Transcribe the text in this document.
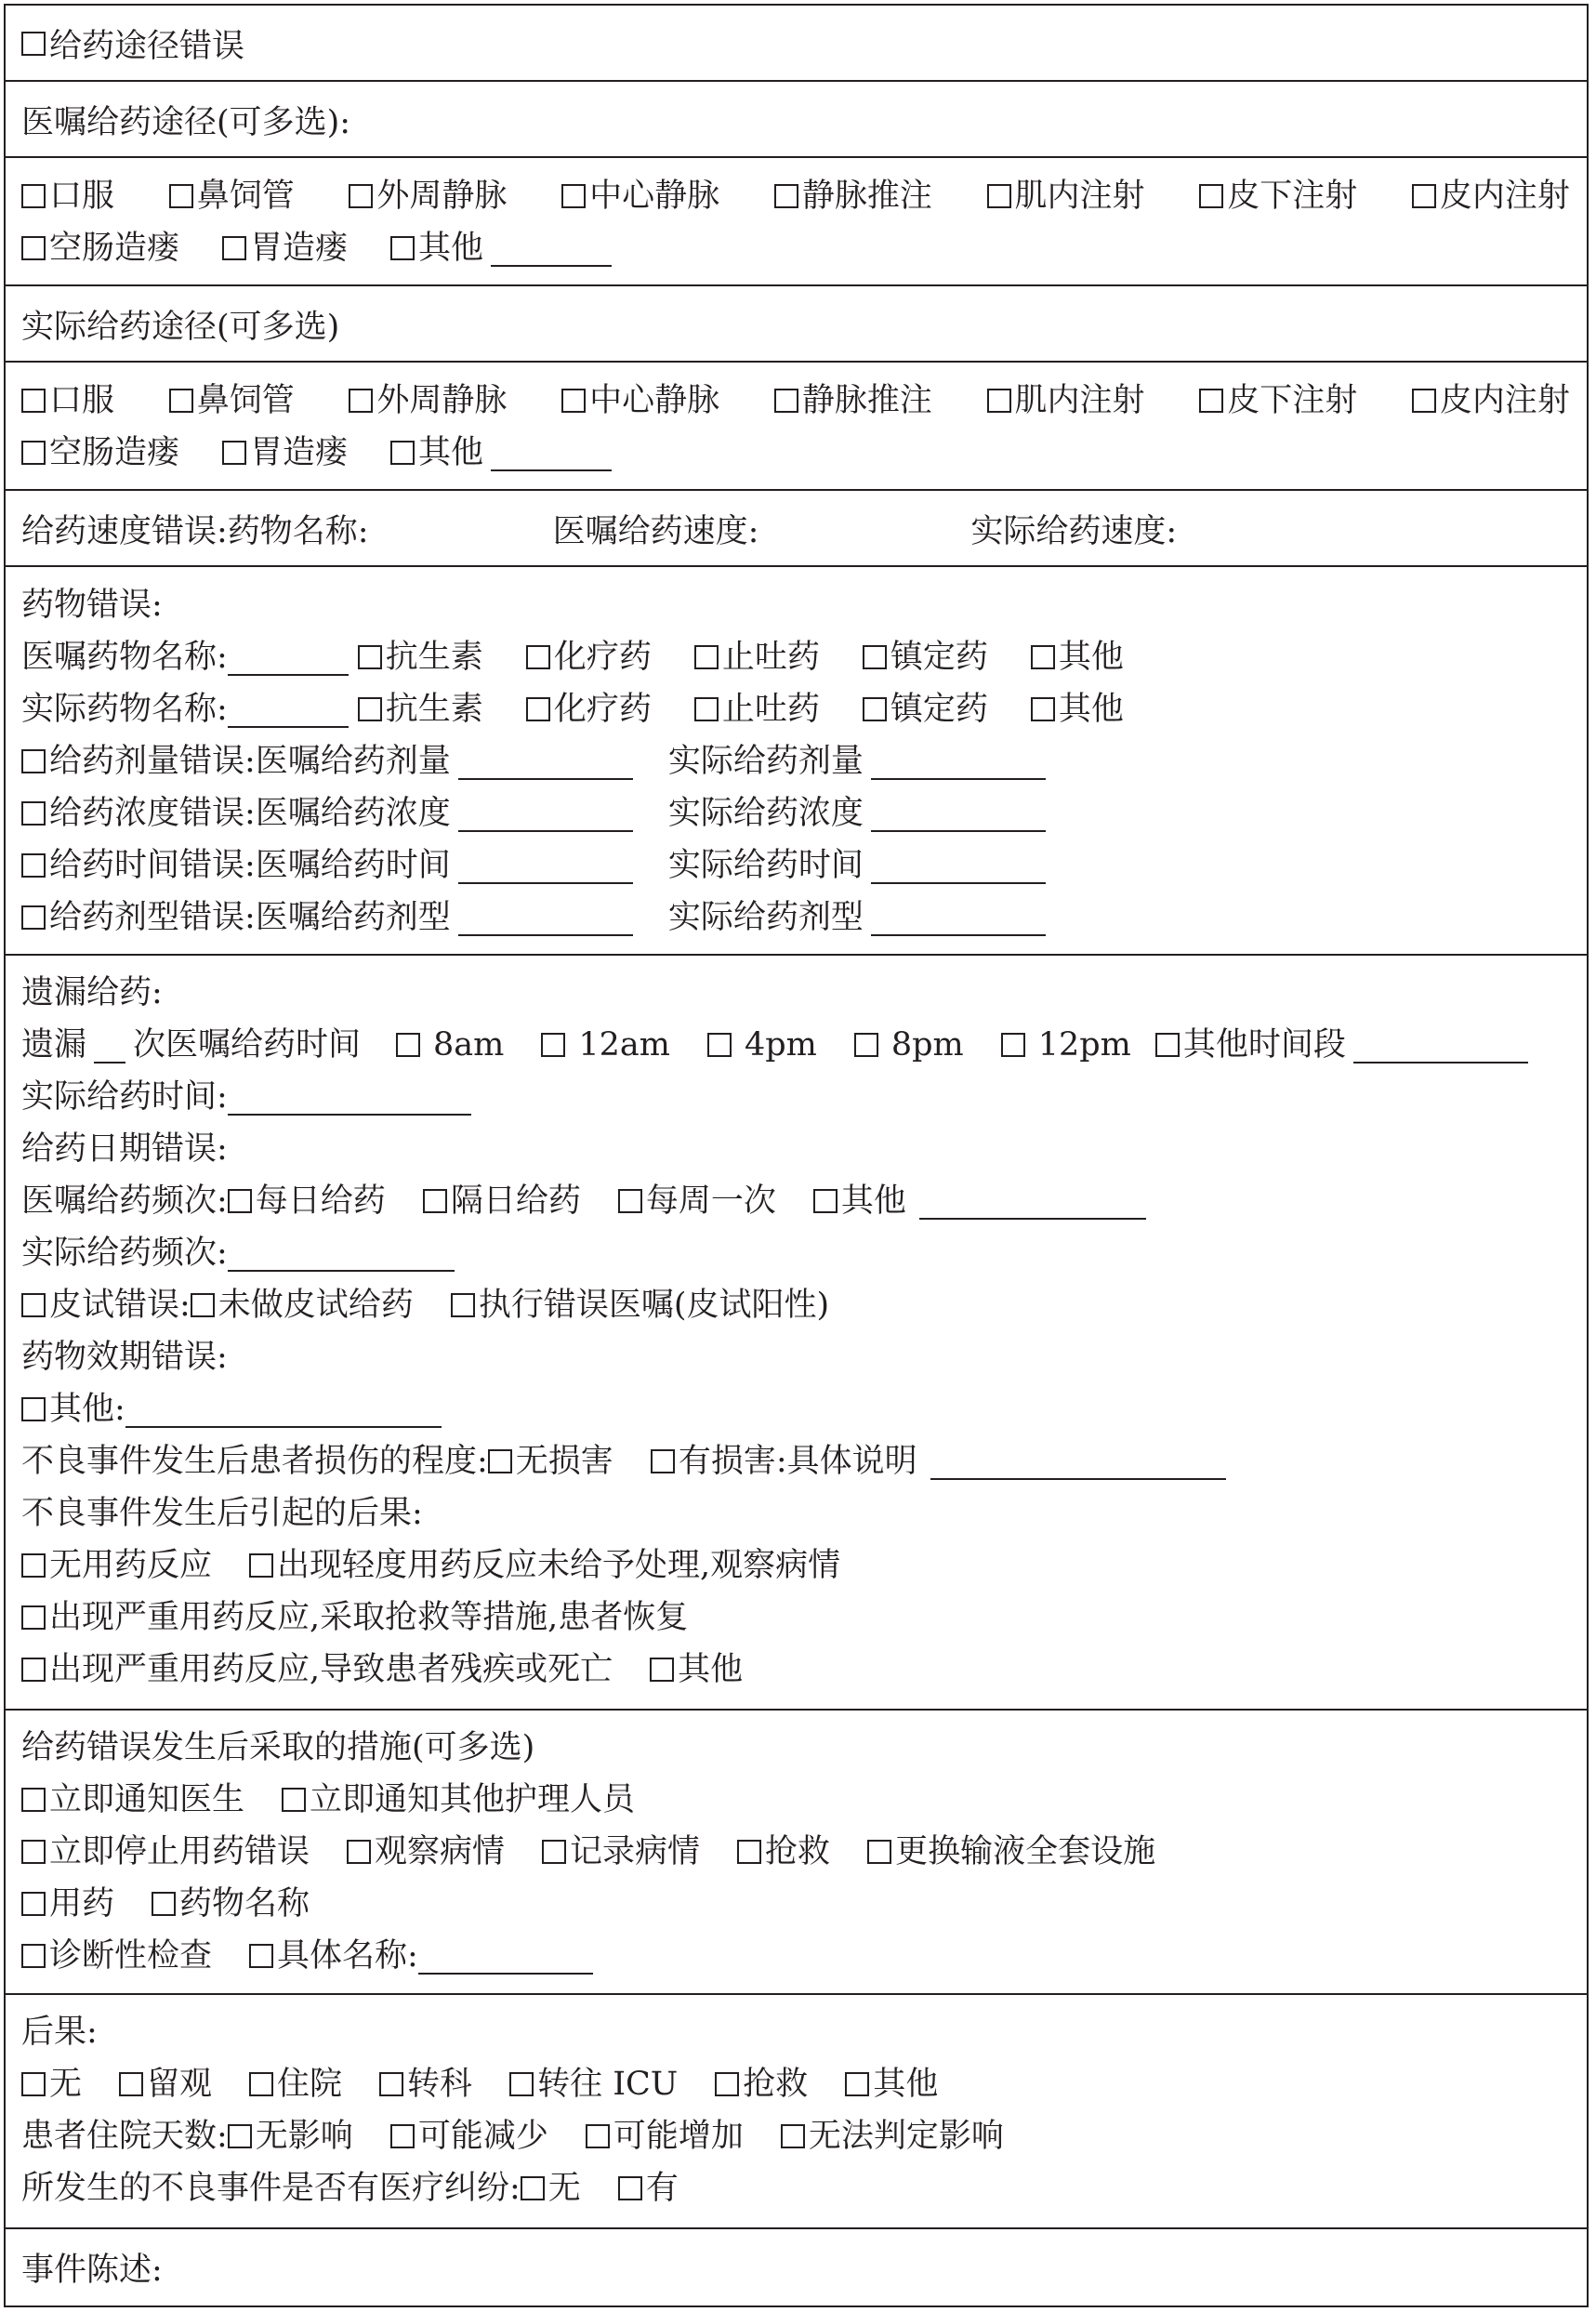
给药途径错误
医嘱给药途径(可多选):
口服	鼻饲管	外周静脉	中心静脉	静脉推注	肌内注射	皮下注射	皮内注射
空肠造瘘 胃造瘘 其他
实际给药途径(可多选)
口服	鼻饲管	外周静脉	中心静脉	静脉推注	肌内注射	皮下注射	皮内注射
空肠造瘘 胃造瘘 其他
给药速度错误:药物名称:	医嘱给药速度:	实际给药速度:
药物错误:
医嘱药物名称:	抗生素 化疗药 止吐药 镇定药 其他
实际药物名称:	抗生素 化疗药 止吐药 镇定药 其他
给药剂量错误: 医嘱给药剂量	实际给药剂量
给药浓度错误: 医嘱给药浓度	实际给药浓度
给药时间错误: 医嘱给药时间	实际给药时间
给药剂型错误: 医嘱给药剂型	实际给药剂型
遗漏给药:
遗漏 次医嘱给药时间 8am 12am 4pm 8pm 12pm 其他时间段
实际给药时间:
给药日期错误:
医嘱给药频次: 每日给药 隔日给药 每周一次 其他
实际给药频次:
皮试错误: 未做皮试给药 执行错误医嘱(皮试阳性)
药物效期错误:
其他:
不良事件发生后患者损伤的程度: 无损害 有损害:具体说明
不良事件发生后引起的后果:
无用药反应 出现轻度用药反应未给予处理,观察病情
出现严重用药反应,采取抢救等措施,患者恢复
出现严重用药反应,导致患者残疾或死亡 其他
给药错误发生后采取的措施(可多选)
立即通知医生 立即通知其他护理人员
立即停止用药错误 观察病情 记录病情 抢救 更换输液全套设施
用药 药物名称
诊断性检查 具体名称:
后果:
无 留观 住院 转科 转往 ICU 抢救 其他
患者住院天数: 无影响 可能减少 可能增加 无法判定影响
所发生的不良事件是否有医疗纠纷: 无 有
事件陈述:
